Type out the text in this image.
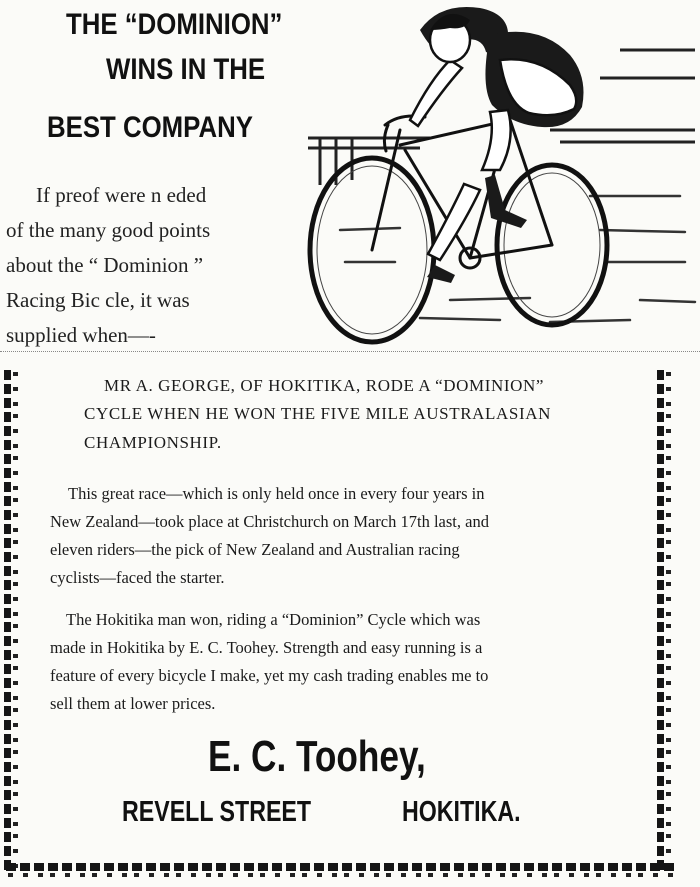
THE “DOMINION”
WINS IN THE
BEST COMPANY
If preof were n eded
of the many good points
about the “ Dominion ”
Racing Bic cle, it was
supplied when—-
MR A. GEORGE, OF HOKITIKA, RODE A “DOMINION”
CYCLE WHEN HE WON THE FIVE MILE AUSTRALASIAN
CHAMPIONSHIP.
This great race—which is only held once in every four years in
New Zealand—took place at Christchurch on March 17th last, and
eleven riders—the pick of New Zealand and Australian racing
cyclists—faced the starter.
The Hokitika man won, riding a “Dominion” Cycle which was
made in Hokitika by E. C. Toohey. Strength and easy running is a
feature of every bicycle I make, yet my cash trading enables me to
sell them at lower prices.
E. C. Toohey,
REVELL STREET	HOKITIKA.
